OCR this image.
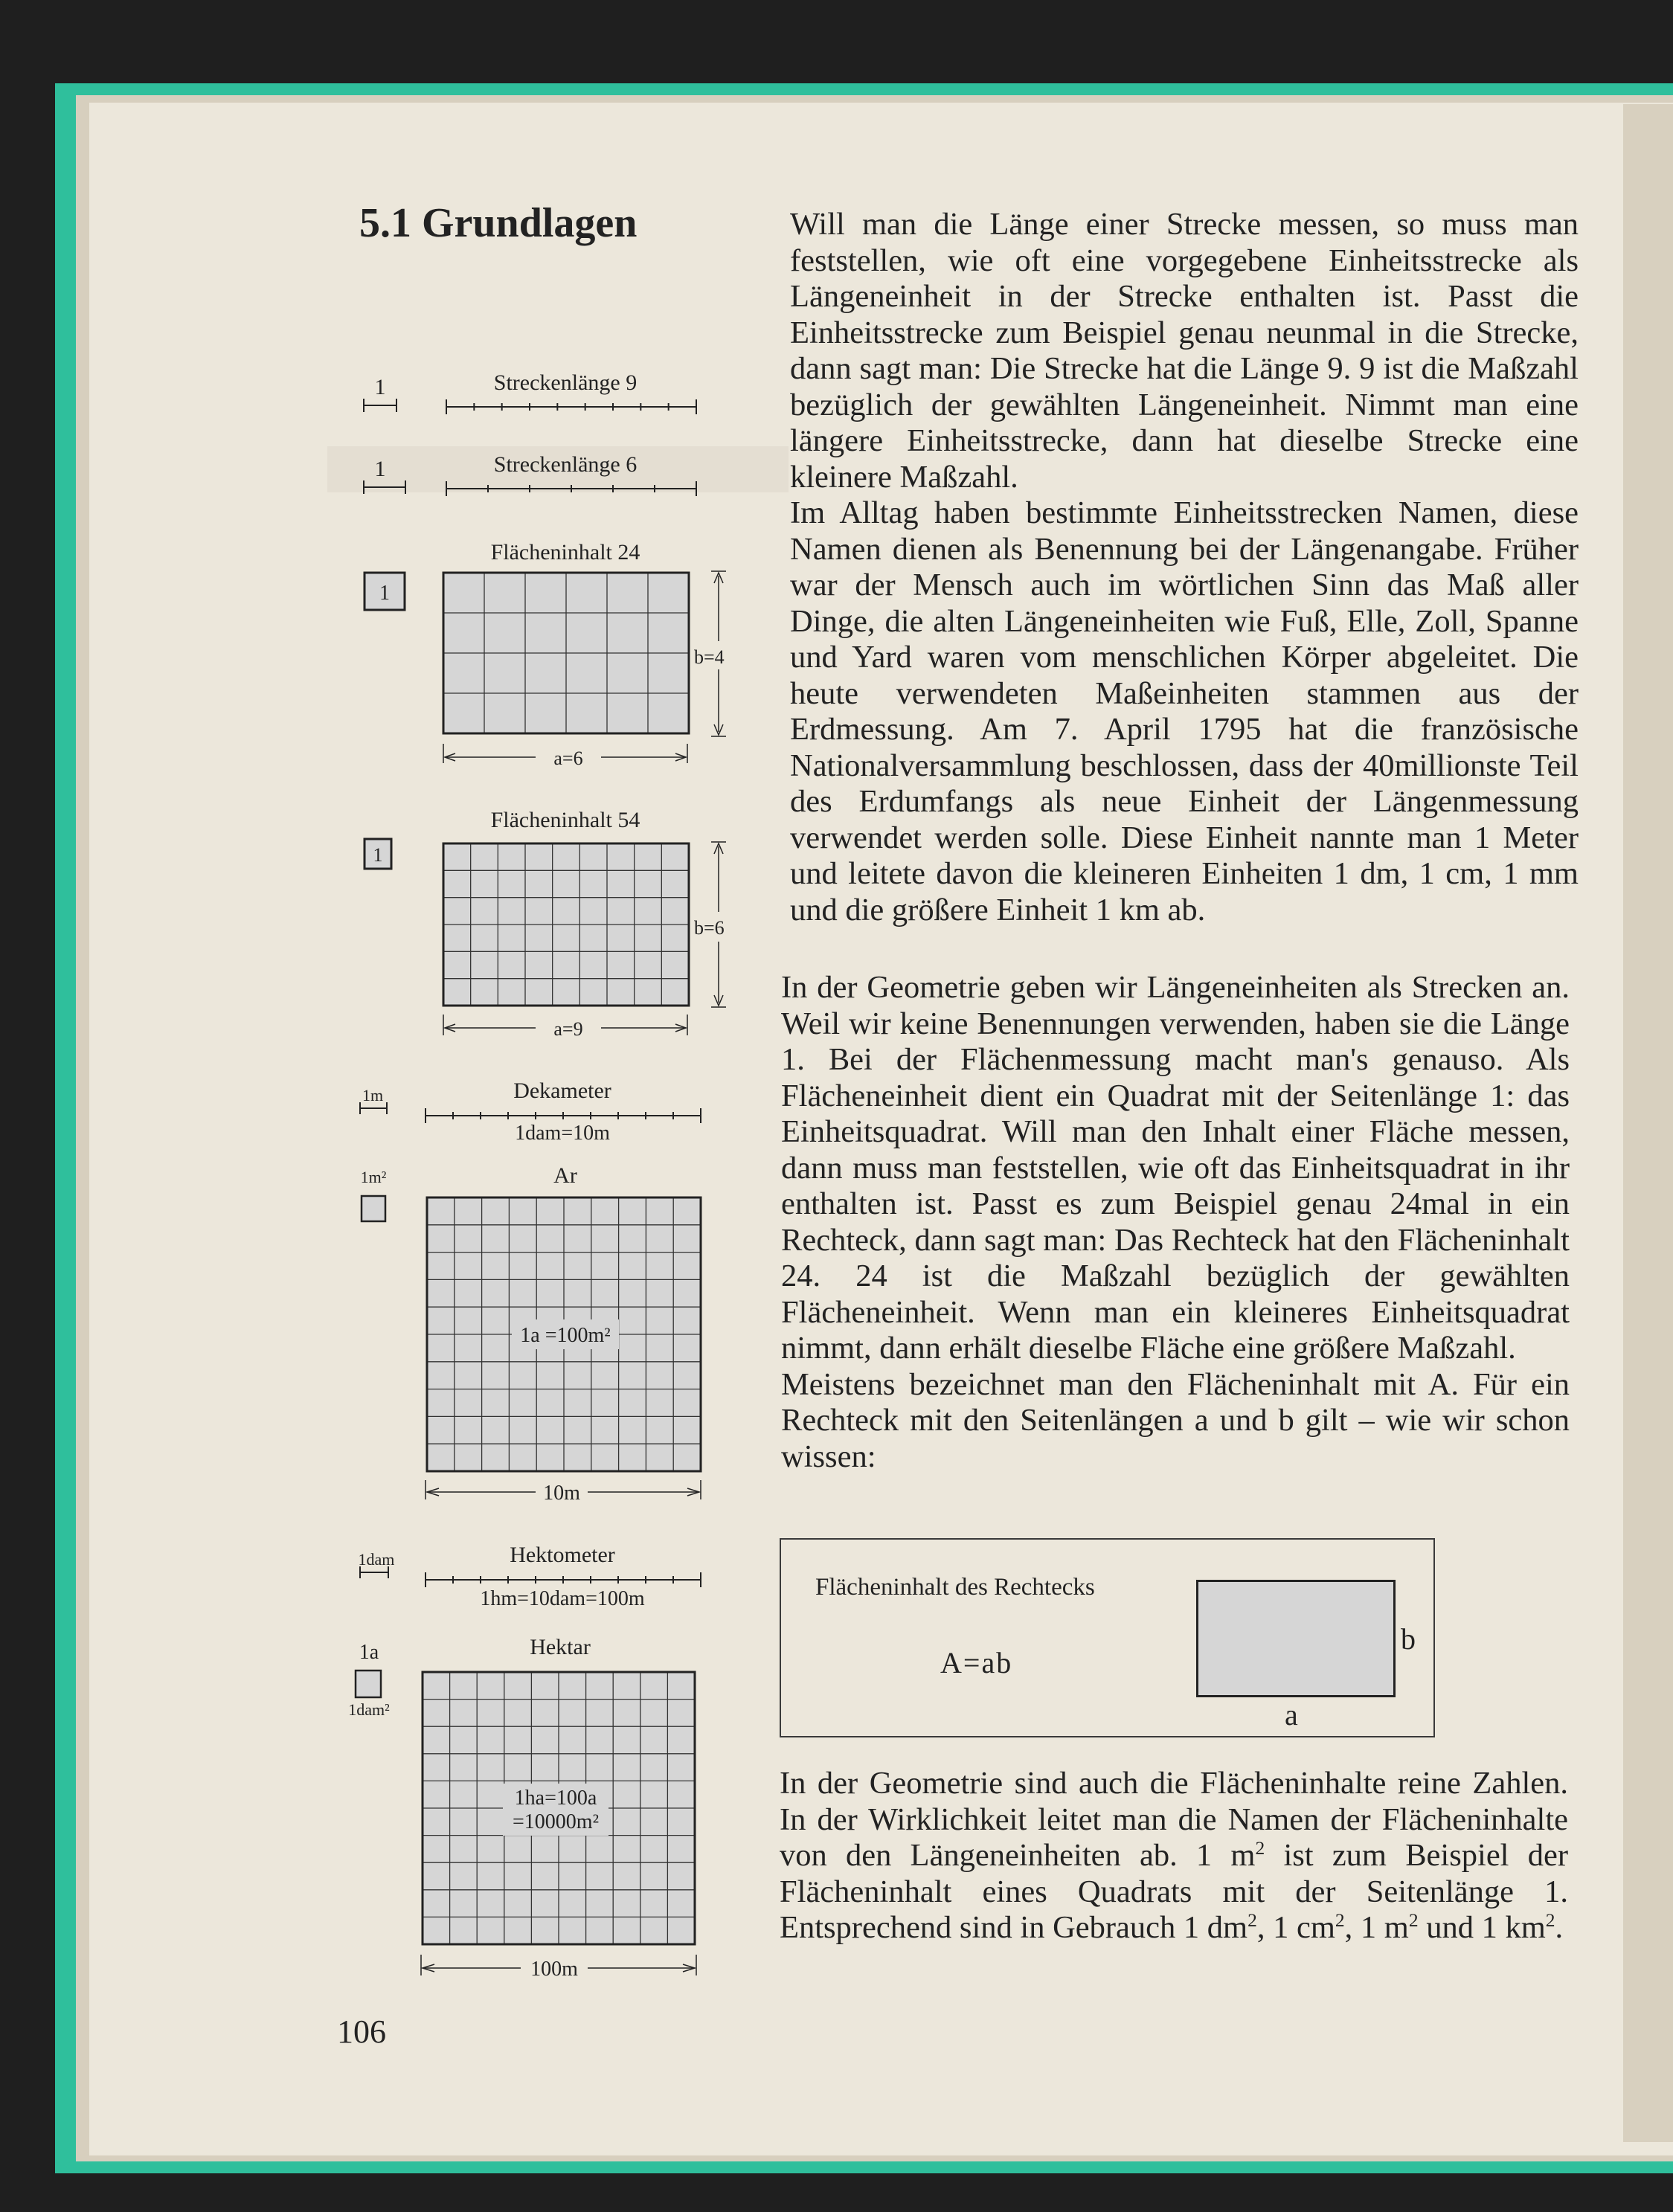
5.1 Grundlagen
1	Streckenlänge 9
1	Streckenlänge 6
Flächeninhalt 24
1
b=4
a=6
Flächeninhalt 54
1
b=6
a=9
1m	Dekameter
1dam=10m
1m²	Ar
1a =100m²
10m
1dam	Hektometer
1hm=10dam=100m
1a
1dam²
Hektar
1ha=100a
=10000m²
100m

Will man die Länge einer Strecke messen, so muss man feststellen, wie oft eine vorgegebene Einheitsstrecke als Längeneinheit in der Strecke enthalten ist. Passt die Einheitsstrecke zum Beispiel genau neunmal in die Strecke, dann sagt man: Die Strecke hat die Länge 9. 9 ist die Maßzahl bezüglich der gewählten Längeneinheit. Nimmt man eine längere Einheitsstrecke, dann hat dieselbe Strecke eine kleinere Maßzahl.

Im Alltag haben bestimmte Einheitsstrecken Namen, diese Namen dienen als Benennung bei der Längenangabe. Früher war der Mensch auch im wörtlichen Sinn das Maß aller Dinge, die alten Längeneinheiten wie Fuß, Elle, Zoll, Spanne und Yard waren vom menschlichen Körper abgeleitet. Die heute verwendeten Maßeinheiten stammen aus der Erdmessung. Am 7. April 1795 hat die französische Nationalversammlung beschlossen, dass der 40millionste Teil des Erdumfangs als neue Einheit der Längenmessung verwendet werden solle. Diese Einheit nannte man 1 Meter und leitete davon die kleineren Einheiten 1 dm, 1 cm, 1 mm und die größere Einheit 1 km ab.

In der Geometrie geben wir Längeneinheiten als Strecken an. Weil wir keine Benennungen verwenden, haben sie die Länge 1. Bei der Flächenmessung macht man's genauso. Als Flächeneinheit dient ein Quadrat mit der Seitenlänge 1: das Einheitsquadrat. Will man den Inhalt einer Fläche messen, dann muss man feststellen, wie oft das Einheitsquadrat in ihr enthalten ist. Passt es zum Beispiel genau 24mal in ein Rechteck, dann sagt man: Das Rechteck hat den Flächeninhalt 24. 24 ist die Maßzahl bezüglich der gewählten Flächeneinheit. Wenn man ein kleineres Einheitsquadrat nimmt, dann erhält dieselbe Fläche eine größere Maßzahl.

Meistens bezeichnet man den Flächeninhalt mit A. Für ein Rechteck mit den Seitenlängen a und b gilt – wie wir schon wissen:

Flächeninhalt des Rechtecks
A=ab
b
a

In der Geometrie sind auch die Flächeninhalte reine Zahlen. In der Wirklichkeit leitet man die Namen der Flächeninhalte von den Längeneinheiten ab. 1 $m^2$ ist zum Beispiel der Flächeninhalt eines Quadrats mit der Seitenlänge 1. Entsprechend sind in Gebrauch 1 $dm^2$, 1 $cm^2$, 1 $m^2$ und 1 $km^2$.

106
